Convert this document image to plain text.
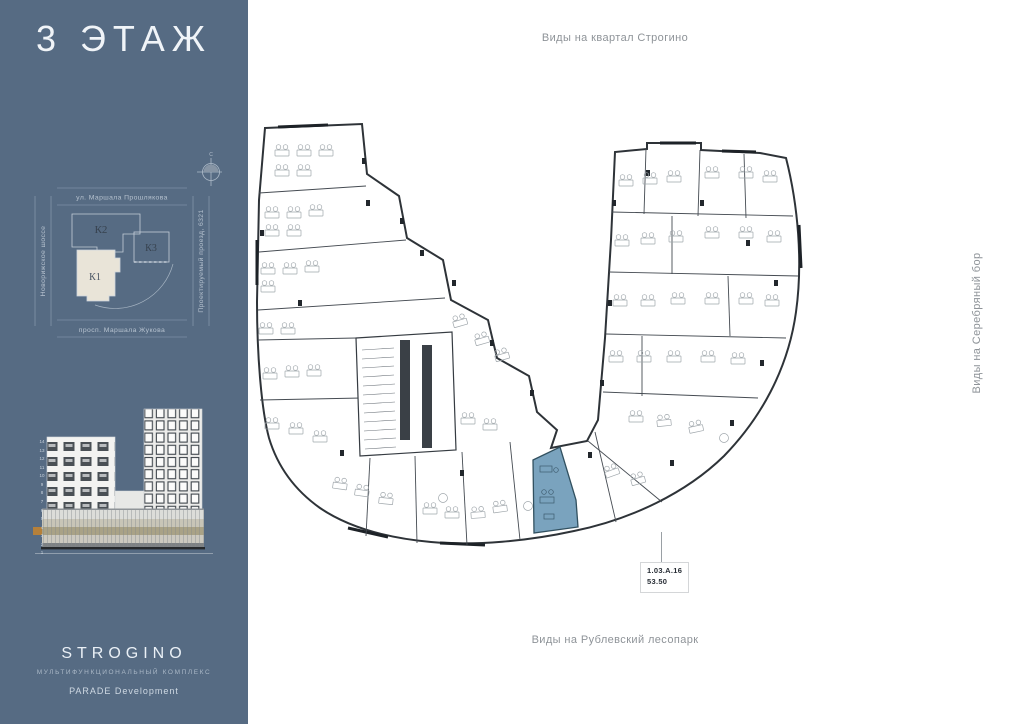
3 ЭТАЖ
К2
К3
К1
ул. Маршала Прошлякова
просп. Маршала Жукова
Новорижское шоссе	Проектируемый проезд, 6321
С
14
13
12
11
10
9
8
7
6
5
4
3
2
1
STROGINO
МУЛЬТИФУНКЦИОНАЛЬНЫЙ КОМПЛЕКС
PARADE Development
Виды на квартал Строгино
Виды на Рублевский лесопарк
Виды на Серебряный бор
1.03.А.16
53.50
